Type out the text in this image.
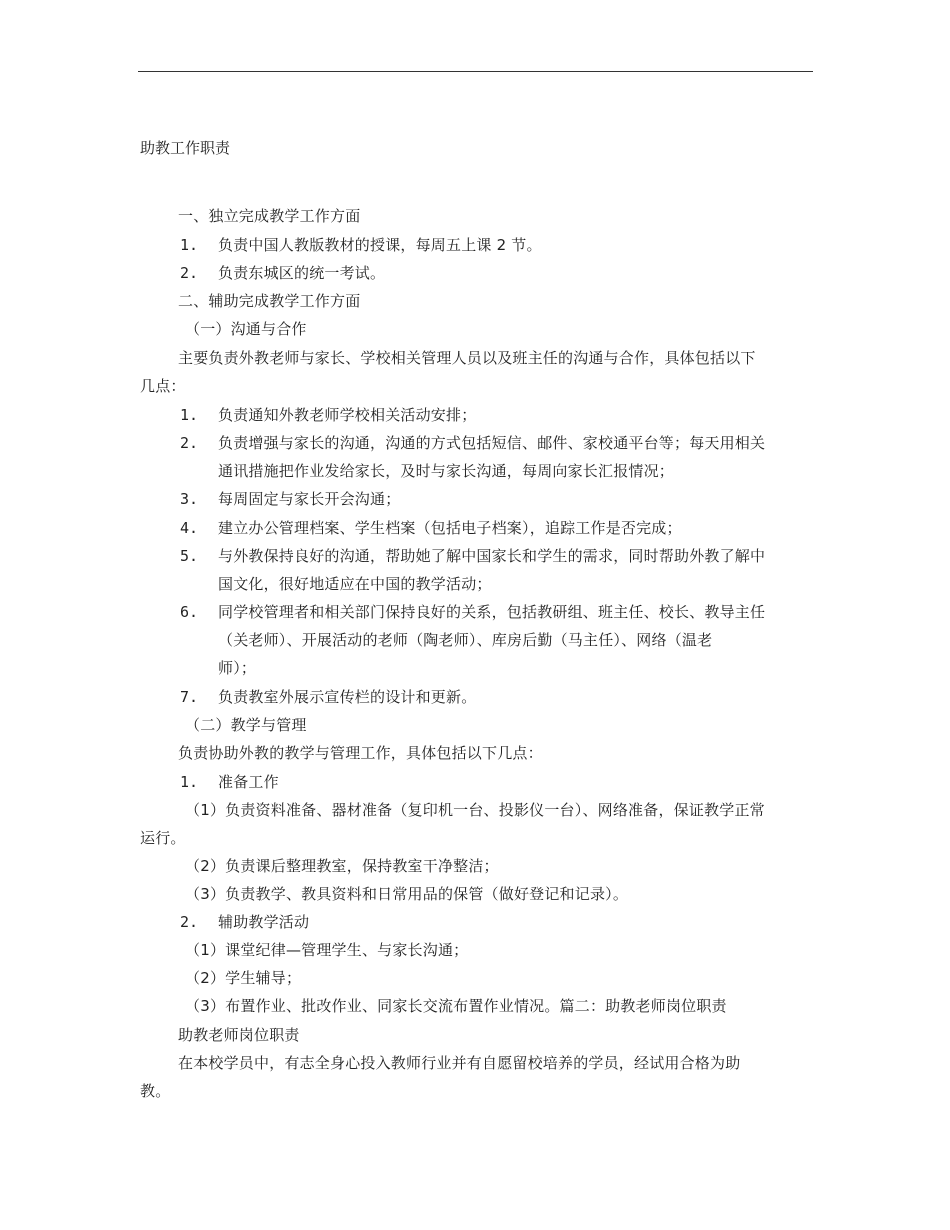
助教工作职责
一、独立完成教学工作方面
1. 负责中国人教版教材的授课，每周五上课 2 节。
2. 负责东城区的统一考试。
二、辅助完成教学工作方面
（一）沟通与合作
主要负责外教老师与家长、学校相关管理人员以及班主任的沟通与合作，具体包括以下
几点：
1. 负责通知外教老师学校相关活动安排；
2. 负责增强与家长的沟通，沟通的方式包括短信、邮件、家校通平台等；每天用相关
通讯措施把作业发给家长，及时与家长沟通，每周向家长汇报情况；
3. 每周固定与家长开会沟通；
4. 建立办公管理档案、学生档案（包括电子档案），追踪工作是否完成；
5. 与外教保持良好的沟通，帮助她了解中国家长和学生的需求，同时帮助外教了解中
国文化，很好地适应在中国的教学活动；
6. 同学校管理者和相关部门保持良好的关系，包括教研组、班主任、校长、教导主任
（关老师）、开展活动的老师（陶老师）、库房后勤（马主任）、网络（温老
师）；
7. 负责教室外展示宣传栏的设计和更新。
（二）教学与管理
负责协助外教的教学与管理工作，具体包括以下几点：
1. 准备工作
（1）负责资料准备、器材准备（复印机一台、投影仪一台）、网络准备，保证教学正常
运行。
（2）负责课后整理教室，保持教室干净整洁；
（3）负责教学、教具资料和日常用品的保管（做好登记和记录）。
2. 辅助教学活动
（1）课堂纪律—管理学生、与家长沟通；
（2）学生辅导；
（3）布置作业、批改作业、同家长交流布置作业情况。篇二：助教老师岗位职责
助教老师岗位职责
在本校学员中，有志全身心投入教师行业并有自愿留校培养的学员，经试用合格为助
教。
